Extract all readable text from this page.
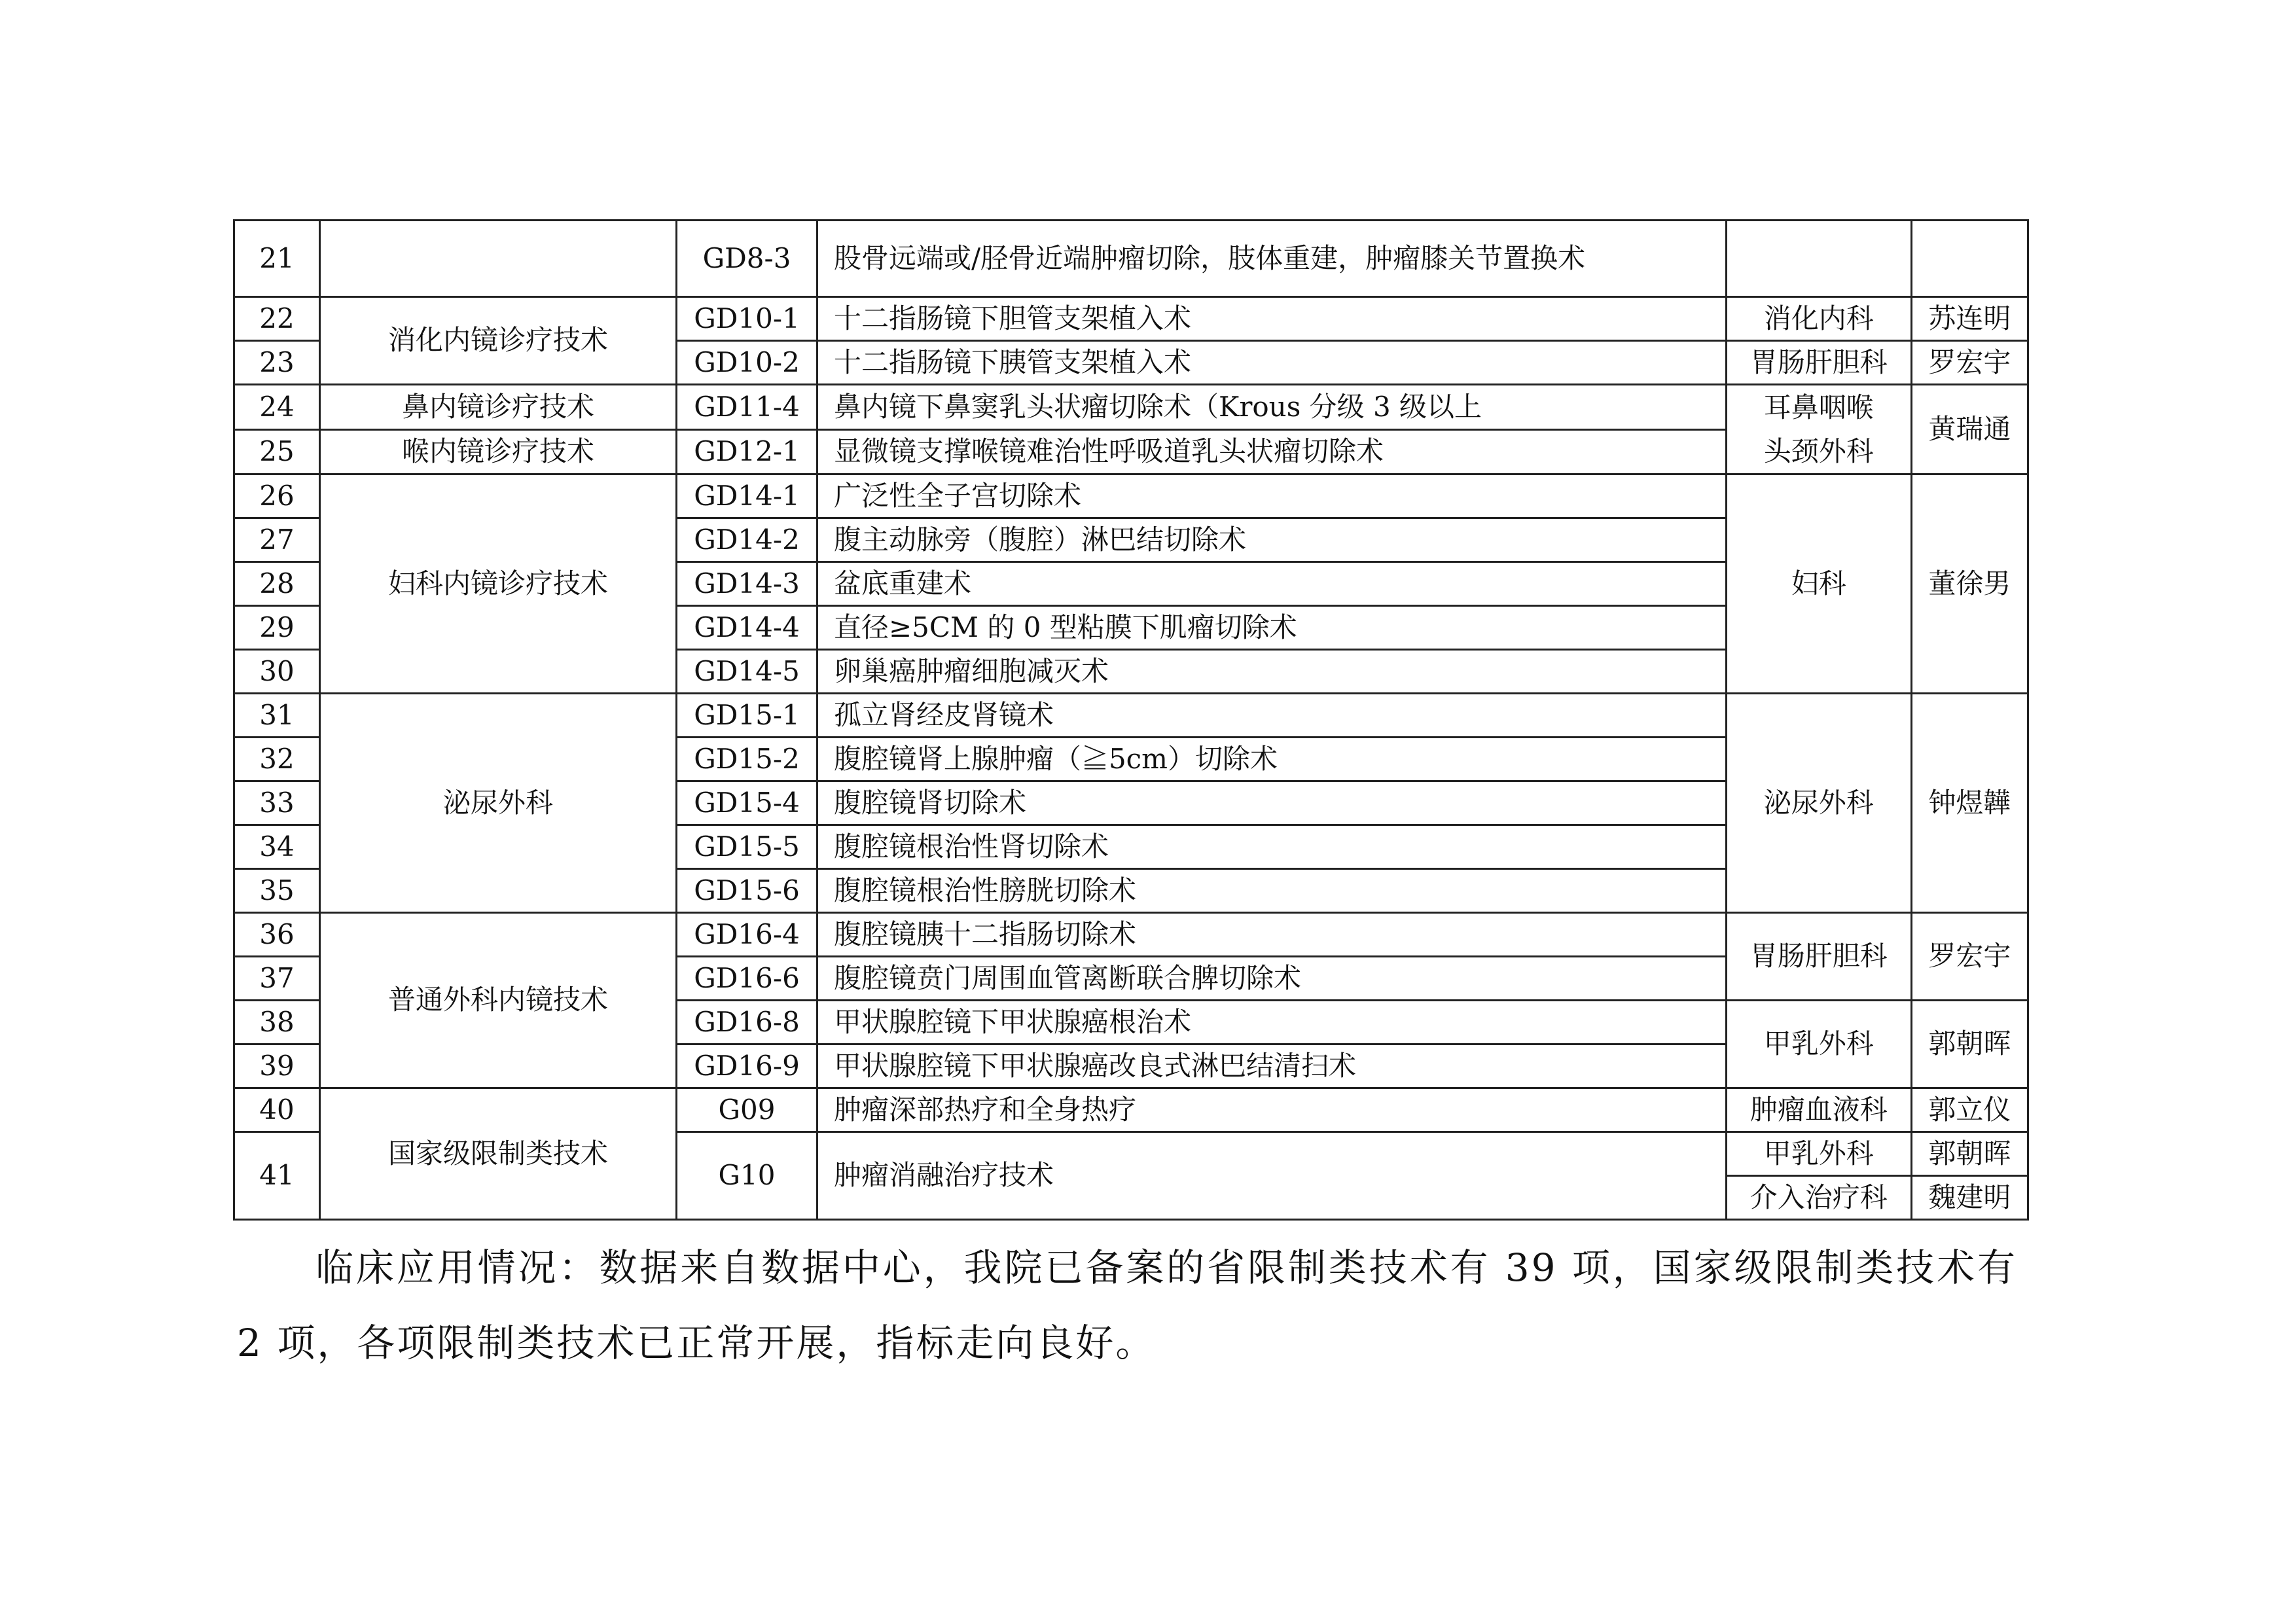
21		GD8-3	股骨远端或/胫骨近端肿瘤切除，肢体重建，肿瘤膝关节置换术		
22	消化内镜诊疗技术	GD10-1	十二指肠镜下胆管支架植入术	消化内科	苏连明
23		GD10-2	十二指肠镜下胰管支架植入术	胃肠肝胆科	罗宏宇
24	鼻内镜诊疗技术	GD11-4	鼻内镜下鼻窦乳头状瘤切除术（Krous 分级 3 级以上	耳鼻咽喉头颈外科	黄瑞通
25	喉内镜诊疗技术	GD12-1	显微镜支撑喉镜难治性呼吸道乳头状瘤切除术		
26	妇科内镜诊疗技术	GD14-1	广泛性全子宫切除术	妇科	董徐男
27		GD14-2	腹主动脉旁（腹腔）淋巴结切除术		
28		GD14-3	盆底重建术		
29		GD14-4	直径≥5CM 的 0 型粘膜下肌瘤切除术		
30		GD14-5	卵巢癌肿瘤细胞减灭术		
31	泌尿外科	GD15-1	孤立肾经皮肾镜术	泌尿外科	钟煜韡
32		GD15-2	腹腔镜肾上腺肿瘤（≧5cm）切除术		
33		GD15-4	腹腔镜肾切除术		
34		GD15-5	腹腔镜根治性肾切除术		
35		GD15-6	腹腔镜根治性膀胱切除术		
36	普通外科内镜技术	GD16-4	腹腔镜胰十二指肠切除术	胃肠肝胆科	罗宏宇
37		GD16-6	腹腔镜贲门周围血管离断联合脾切除术		
38		GD16-8	甲状腺腔镜下甲状腺癌根治术	甲乳外科	郭朝晖
39		GD16-9	甲状腺腔镜下甲状腺癌改良式淋巴结清扫术		
40	国家级限制类技术	G09	肿瘤深部热疗和全身热疗	肿瘤血液科	郭立仪
41		G10	肿瘤消融治疗技术	甲乳外科	郭朝晖
				介入治疗科	魏建明

临床应用情况：数据来自数据中心，我院已备案的省限制类技术有 39 项，国家级限制类技术有 2 项，各项限制类技术已正常开展，指标走向良好。
